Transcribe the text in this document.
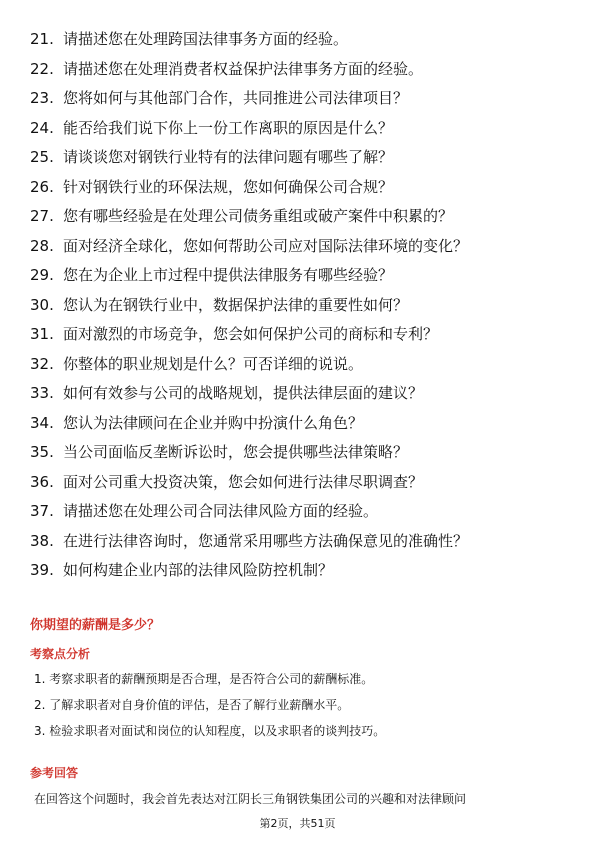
21. 请描述您在处理跨国法律事务方面的经验。
22. 请描述您在处理消费者权益保护法律事务方面的经验。
23. 您将如何与其他部门合作，共同推进公司法律项目？
24. 能否给我们说下你上一份工作离职的原因是什么？
25. 请谈谈您对钢铁行业特有的法律问题有哪些了解？
26. 针对钢铁行业的环保法规，您如何确保公司合规？
27. 您有哪些经验是在处理公司债务重组或破产案件中积累的？
28. 面对经济全球化，您如何帮助公司应对国际法律环境的变化？
29. 您在为企业上市过程中提供法律服务有哪些经验？
30. 您认为在钢铁行业中，数据保护法律的重要性如何？
31. 面对激烈的市场竞争，您会如何保护公司的商标和专利？
32. 你整体的职业规划是什么？可否详细的说说。
33. 如何有效参与公司的战略规划，提供法律层面的建议？
34. 您认为法律顾问在企业并购中扮演什么角色？
35. 当公司面临反垄断诉讼时，您会提供哪些法律策略？
36. 面对公司重大投资决策，您会如何进行法律尽职调查？
37. 请描述您在处理公司合同法律风险方面的经验。
38. 在进行法律咨询时，您通常采用哪些方法确保意见的准确性？
39. 如何构建企业内部的法律风险防控机制？
你期望的薪酬是多少？
考察点分析
1. 考察求职者的薪酬预期是否合理，是否符合公司的薪酬标准。
2. 了解求职者对自身价值的评估，是否了解行业薪酬水平。
3. 检验求职者对面试和岗位的认知程度，以及求职者的谈判技巧。
参考回答
在回答这个问题时，我会首先表达对江阴长三角钢铁集团公司的兴趣和对法律顾问
第2页，共51页
